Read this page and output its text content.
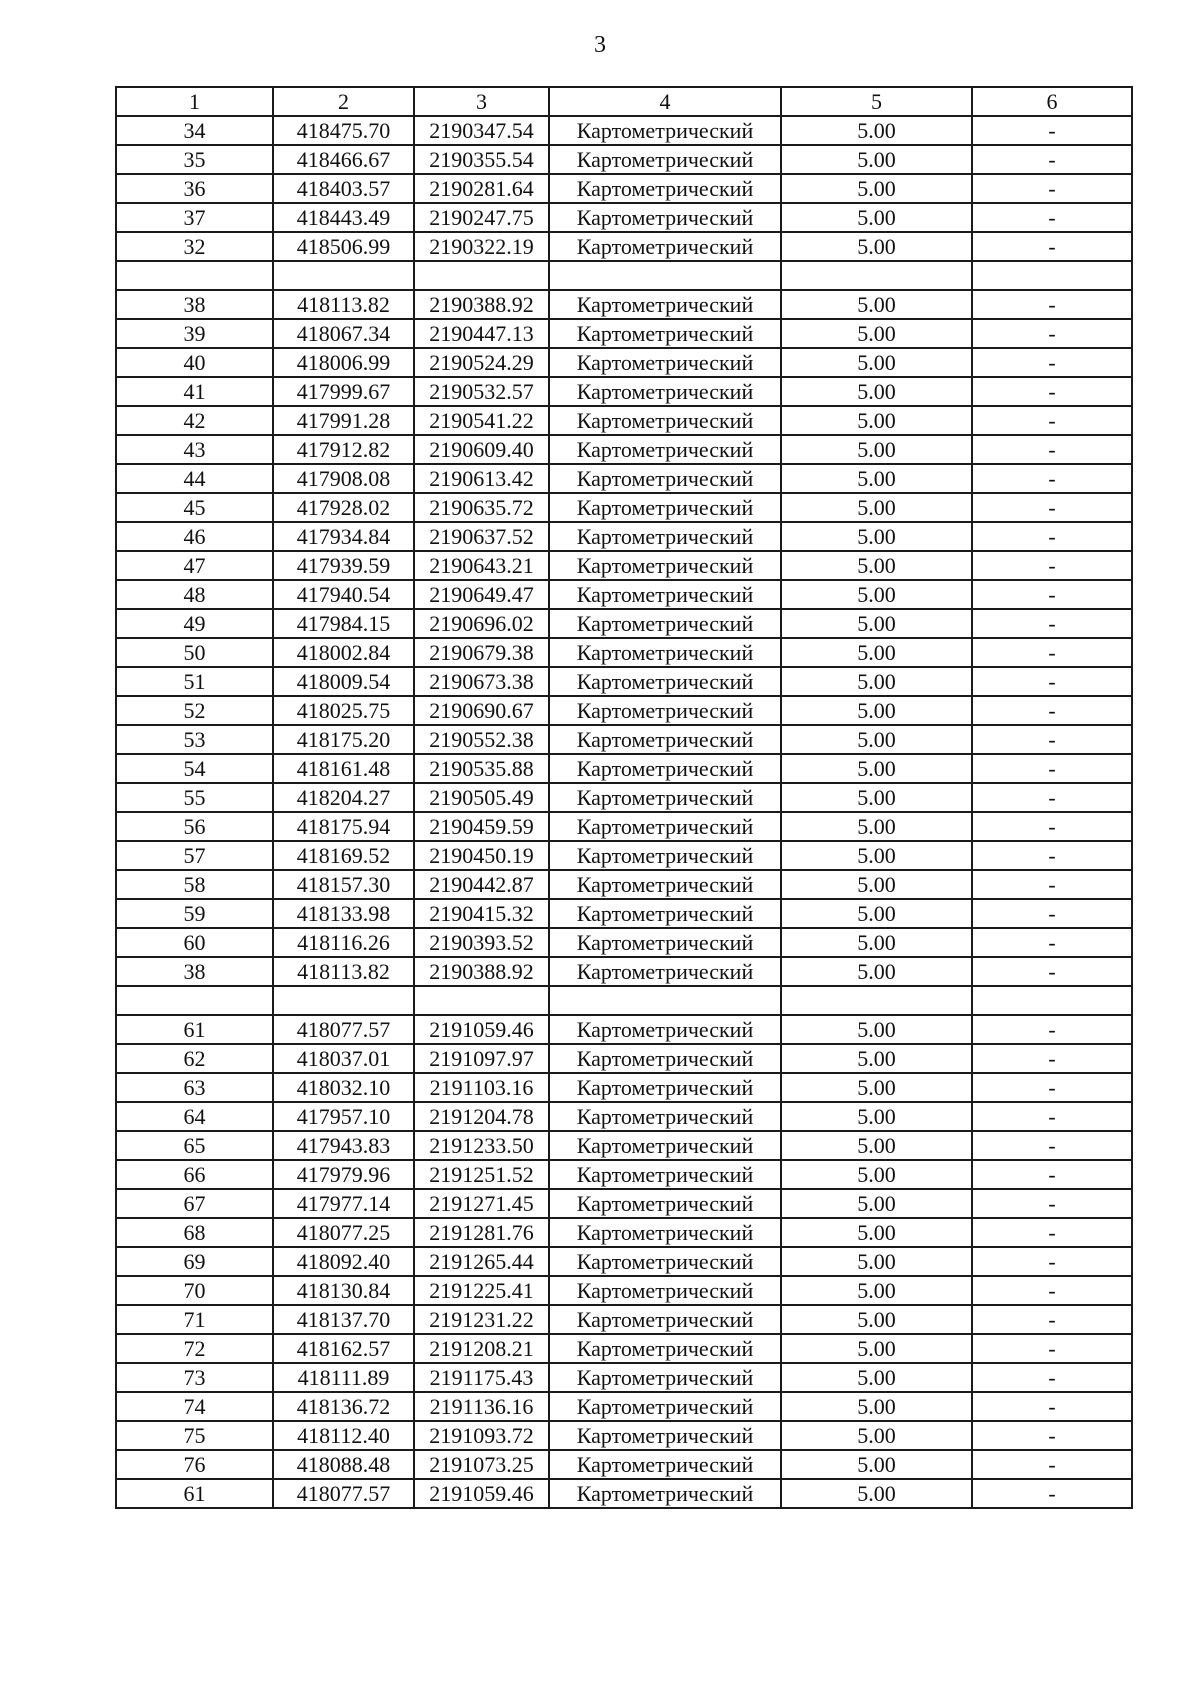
3
1	2	3	4	5	6
34	418475.70	2190347.54	Картометрический	5.00	-
35	418466.67	2190355.54	Картометрический	5.00	-
36	418403.57	2190281.64	Картометрический	5.00	-
37	418443.49	2190247.75	Картометрический	5.00	-
32	418506.99	2190322.19	Картометрический	5.00	-

38	418113.82	2190388.92	Картометрический	5.00	-
39	418067.34	2190447.13	Картометрический	5.00	-
40	418006.99	2190524.29	Картометрический	5.00	-
41	417999.67	2190532.57	Картометрический	5.00	-
42	417991.28	2190541.22	Картометрический	5.00	-
43	417912.82	2190609.40	Картометрический	5.00	-
44	417908.08	2190613.42	Картометрический	5.00	-
45	417928.02	2190635.72	Картометрический	5.00	-
46	417934.84	2190637.52	Картометрический	5.00	-
47	417939.59	2190643.21	Картометрический	5.00	-
48	417940.54	2190649.47	Картометрический	5.00	-
49	417984.15	2190696.02	Картометрический	5.00	-
50	418002.84	2190679.38	Картометрический	5.00	-
51	418009.54	2190673.38	Картометрический	5.00	-
52	418025.75	2190690.67	Картометрический	5.00	-
53	418175.20	2190552.38	Картометрический	5.00	-
54	418161.48	2190535.88	Картометрический	5.00	-
55	418204.27	2190505.49	Картометрический	5.00	-
56	418175.94	2190459.59	Картометрический	5.00	-
57	418169.52	2190450.19	Картометрический	5.00	-
58	418157.30	2190442.87	Картометрический	5.00	-
59	418133.98	2190415.32	Картометрический	5.00	-
60	418116.26	2190393.52	Картометрический	5.00	-
38	418113.82	2190388.92	Картометрический	5.00	-

61	418077.57	2191059.46	Картометрический	5.00	-
62	418037.01	2191097.97	Картометрический	5.00	-
63	418032.10	2191103.16	Картометрический	5.00	-
64	417957.10	2191204.78	Картометрический	5.00	-
65	417943.83	2191233.50	Картометрический	5.00	-
66	417979.96	2191251.52	Картометрический	5.00	-
67	417977.14	2191271.45	Картометрический	5.00	-
68	418077.25	2191281.76	Картометрический	5.00	-
69	418092.40	2191265.44	Картометрический	5.00	-
70	418130.84	2191225.41	Картометрический	5.00	-
71	418137.70	2191231.22	Картометрический	5.00	-
72	418162.57	2191208.21	Картометрический	5.00	-
73	418111.89	2191175.43	Картометрический	5.00	-
74	418136.72	2191136.16	Картометрический	5.00	-
75	418112.40	2191093.72	Картометрический	5.00	-
76	418088.48	2191073.25	Картометрический	5.00	-
61	418077.57	2191059.46	Картометрический	5.00	-
